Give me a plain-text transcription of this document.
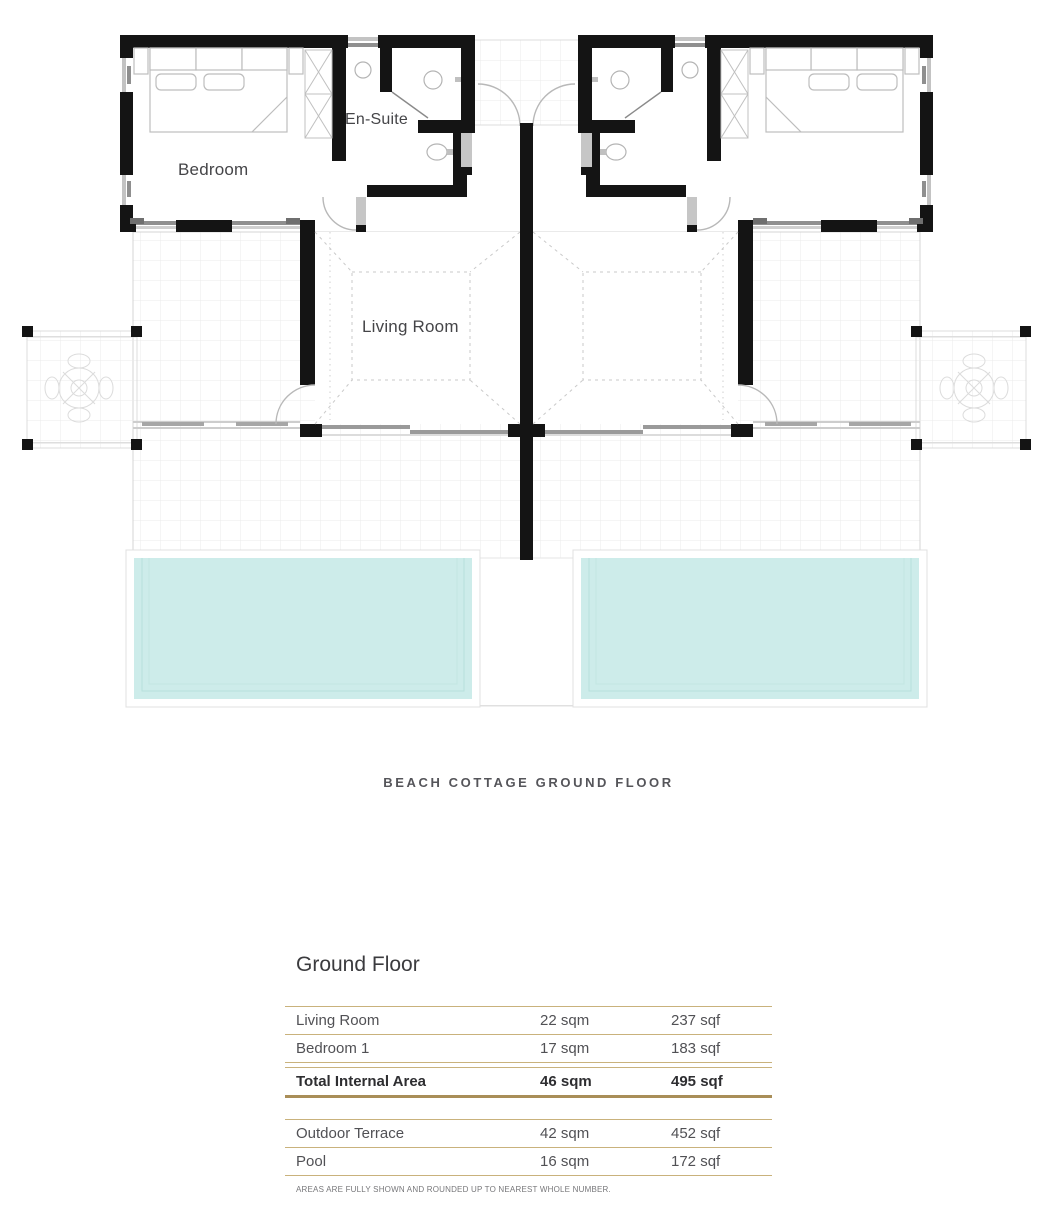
Bedroom
En-Suite
Living Room
BEACH COTTAGE GROUND FLOOR
Ground Floor
Living Room	22 sqm	237 sqf
Bedroom 1	17 sqm	183 sqf
Total Internal Area	46 sqm	495 sqf
Outdoor Terrace	42 sqm	452 sqf
Pool	16 sqm	172 sqf
AREAS ARE FULLY SHOWN AND ROUNDED UP TO NEAREST WHOLE NUMBER.
